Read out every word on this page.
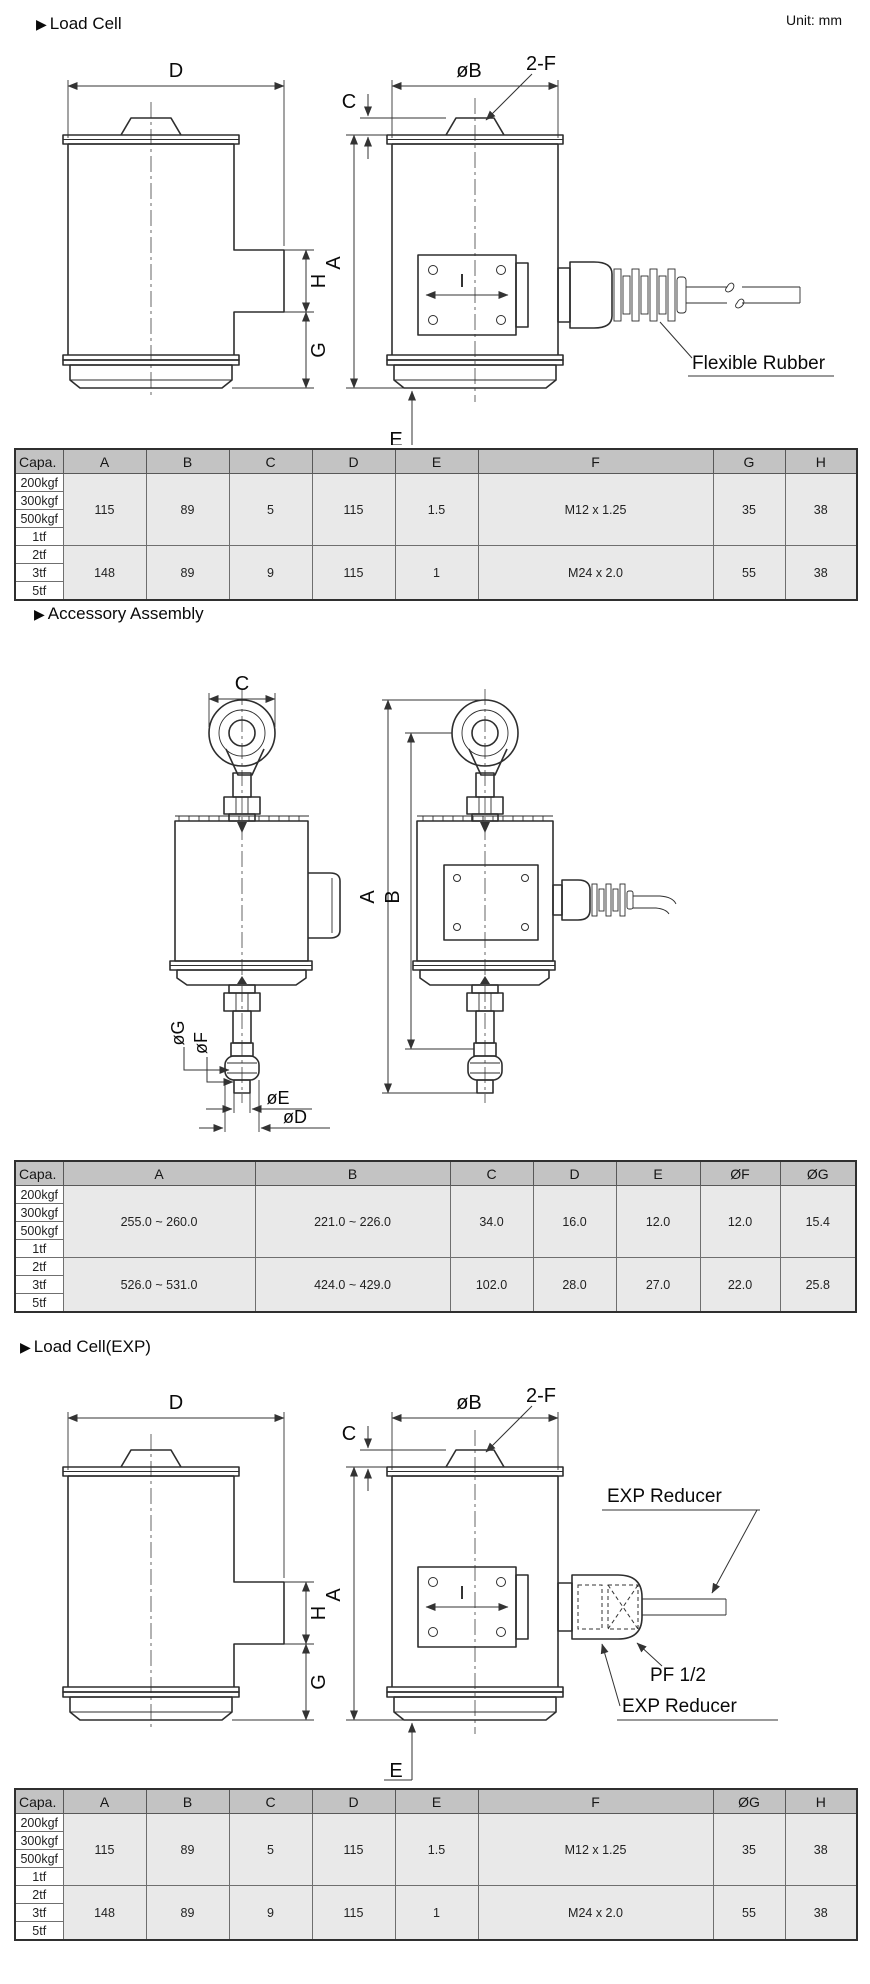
▶ Load Cell	Unit: mm
▶ Accessory Assembly
▶ Load Cell(EXP)
D
H
G
øB 2-F
C
A
I
Flexible Rubber
E
Capa.	A	B	C	D	E	F	G	H
200kgf	115	89	5	115	1.5	M12 x 1.25	35	38
300kgf								
500kgf								
1tf								
2tf	148	89	9	115	1	M24 x 2.0	55	38
3tf								
5tf								
C
øG øF
øE
øD
A B
Capa.	A	B	C	D	E	ØF	ØG
200kgf	255.0 ~ 260.0	221.0 ~ 226.0	34.0	16.0	12.0	12.0	15.4
300kgf							
500kgf							
1tf							
2tf	526.0 ~ 531.0	424.0 ~ 429.0	102.0	28.0	27.0	22.0	25.8
3tf							
5tf							
D
H
G
øB 2-F
C
A	I
EXP Reducer
PF 1/2
EXP Reducer
E
Capa.	A	B	C	D	E	F	ØG	H
200kgf	115	89	5	115	1.5	M12 x 1.25	35	38
300kgf								
500kgf								
1tf								
2tf	148	89	9	115	1	M24 x 2.0	55	38
3tf								
5tf								
